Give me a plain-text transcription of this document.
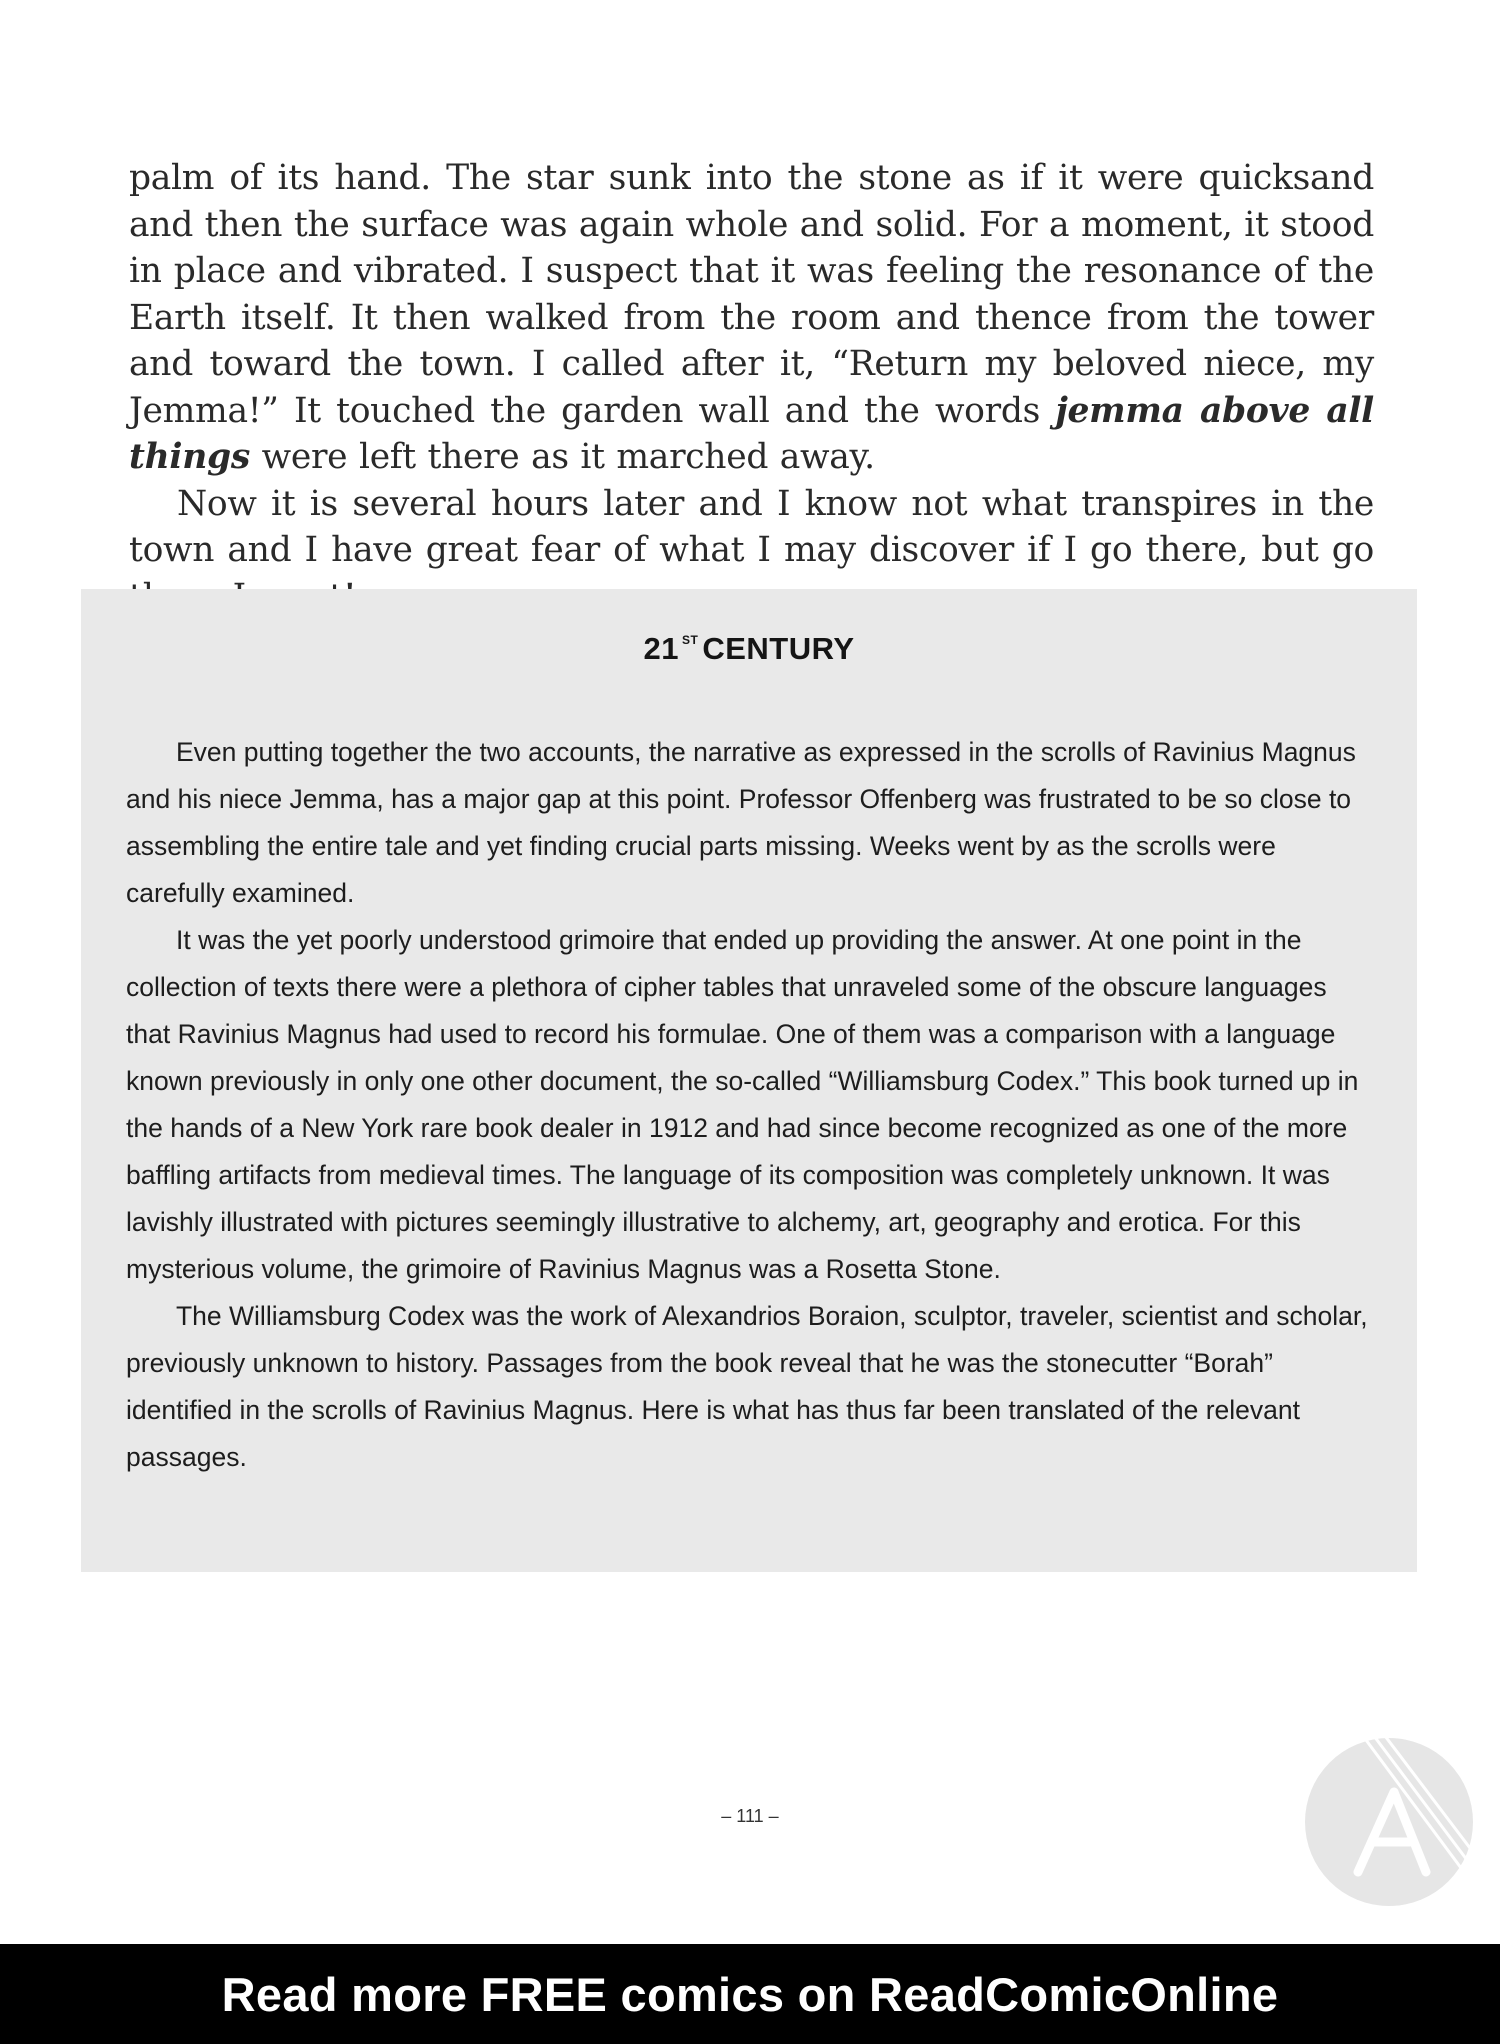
palm of its hand. The star sunk into the stone as if it were quicksand and then the surface was again whole and solid. For a moment, it stood in place and vibrated. I suspect that it was feeling the resonance of the Earth itself. It then walked from the room and thence from the tower and toward the town. I called after it, “Return my beloved niece, my Jemma!” It touched the garden wall and the words jemma above all things were left there as it marched away.

Now it is several hours later and I know not what transpires in the town and I have great fear of what I may discover if I go there, but go

21 $^{ST}$ CENTURY

Even putting together the two accounts, the narrative as expressed in the scrolls of Ravinius Magnus and his niece Jemma, has a major gap at this point. Professor Offenberg was frustrated to be so close to assembling the entire tale and yet finding crucial parts missing. Weeks went by as the scrolls were carefully examined.

It was the yet poorly understood grimoire that ended up providing the answer. At one point in the collection of texts there were a plethora of cipher tables that unraveled some of the obscure languages that Ravinius Magnus had used to record his formulae. One of them was a comparison with a language known previously in only one other document, the so-called “Williamsburg Codex.” This book turned up in the hands of a New York rare book dealer in 1912 and had since become recognized as one of the more baffling artifacts from medieval times. The language of its composition was completely unknown. It was lavishly illustrated with pictures seemingly illustrative to alchemy, art, geography and erotica. For this mysterious volume, the grimoire of Ravinius Magnus was a Rosetta Stone.

The Williamsburg Codex was the work of Alexandrios Boraion, sculptor, traveler, scientist and scholar, previously unknown to history. Passages from the book reveal that he was the stonecutter “Borah” identified in the scrolls of Ravinius Magnus. Here is what has thus far been translated of the relevant passages.

– 111 –
Read more FREE comics on ReadComicOnline
